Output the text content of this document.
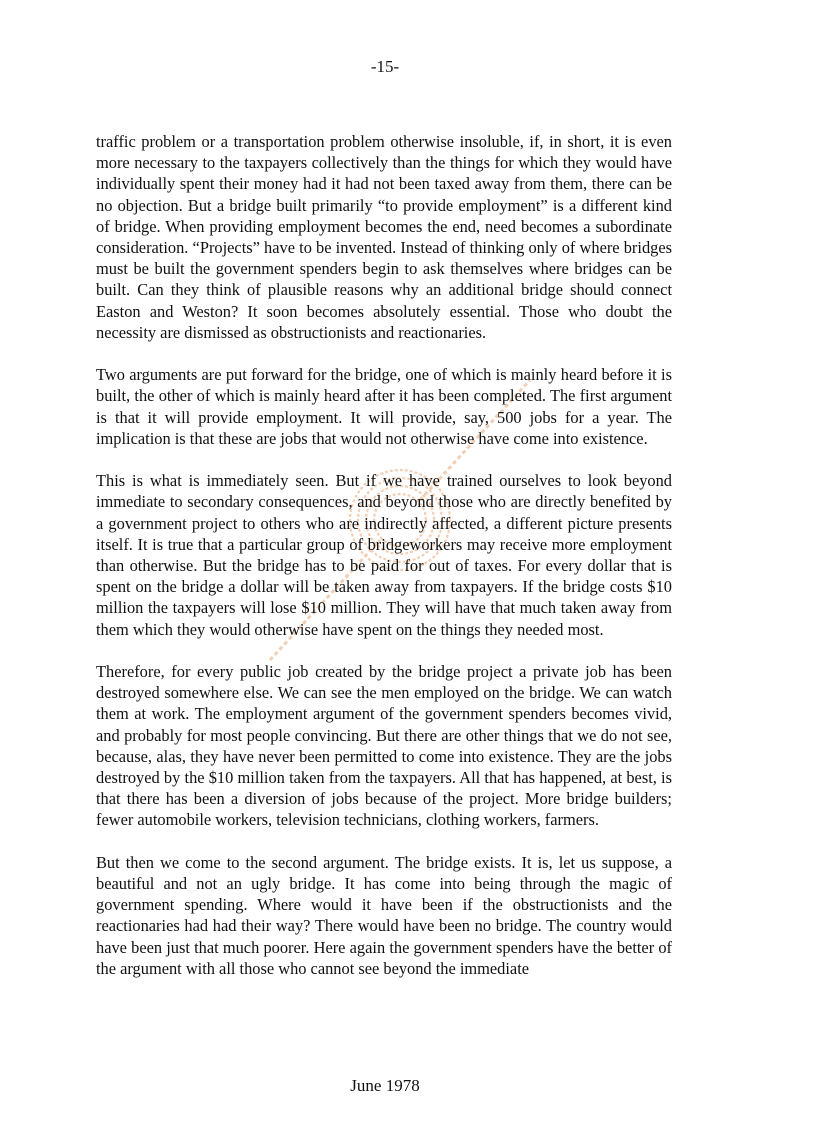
-15-

traffic problem or a transportation problem otherwise insoluble, if, in short, it is even more necessary to the taxpayers collectively than the things for which they would have individually spent their money had it had not been taxed away from them, there can be no objection. But a bridge built primarily “to provide employment” is a different kind of bridge. When providing employment becomes the end, need becomes a subordinate consideration. “Projects” have to be invented. Instead of thinking only of where bridges must be built the government spenders begin to ask themselves where bridges can be built. Can they think of plausible reasons why an additional bridge should connect Easton and Weston? It soon becomes absolutely essential. Those who doubt the necessity are dismissed as obstructionists and reactionaries.

Two arguments are put forward for the bridge, one of which is mainly heard before it is built, the other of which is mainly heard after it has been completed. The first argument is that it will provide employment. It will provide, say, 500 jobs for a year. The implication is that these are jobs that would not otherwise have come into existence.

This is what is immediately seen. But if we have trained ourselves to look beyond immediate to secondary consequences, and beyond those who are directly benefited by a government project to others who are indirectly affected, a different picture presents itself. It is true that a particular group of bridgeworkers may receive more employment than otherwise. But the bridge has to be paid for out of taxes. For every dollar that is spent on the bridge a dollar will be taken away from taxpayers. If the bridge costs $10 million the taxpayers will lose $10 million. They will have that much taken away from them which they would otherwise have spent on the things they needed most.

Therefore, for every public job created by the bridge project a private job has been destroyed somewhere else. We can see the men employed on the bridge. We can watch them at work. The employment argument of the government spenders becomes vivid, and probably for most people convincing. But there are other things that we do not see, because, alas, they have never been permitted to come into existence. They are the jobs destroyed by the $10 million taken from the taxpayers. All that has happened, at best, is that there has been a diversion of jobs because of the project. More bridge builders; fewer automobile workers, television technicians, clothing workers, farmers.

But then we come to the second argument. The bridge exists. It is, let us suppose, a beautiful and not an ugly bridge. It has come into being through the magic of government spending. Where would it have been if the obstructionists and the reactionaries had had their way? There would have been no bridge. The country would have been just that much poorer. Here again the government spenders have the better of the argument with all those who cannot see beyond the immediate

June 1978
